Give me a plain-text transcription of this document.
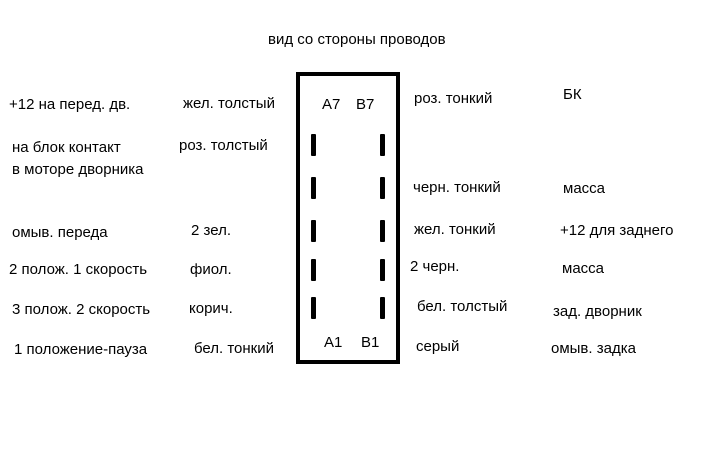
вид со стороны проводов
+12 на перед. дв.
на блок контакт
в моторе дворника
омыв. переда
2 полож. 1 скорость
3 полож. 2 скорость
1 положение-пауза
жел. толстый
роз. толстый
2 зел.
фиол.
корич.
бел. тонкий
A7 B7
A1 B1
роз. тонкий
черн. тонкий
жел. тонкий
2 черн.
бел. толстый
серый
БК
масса
+12 для заднего
масса
зад. дворник
омыв. задка
